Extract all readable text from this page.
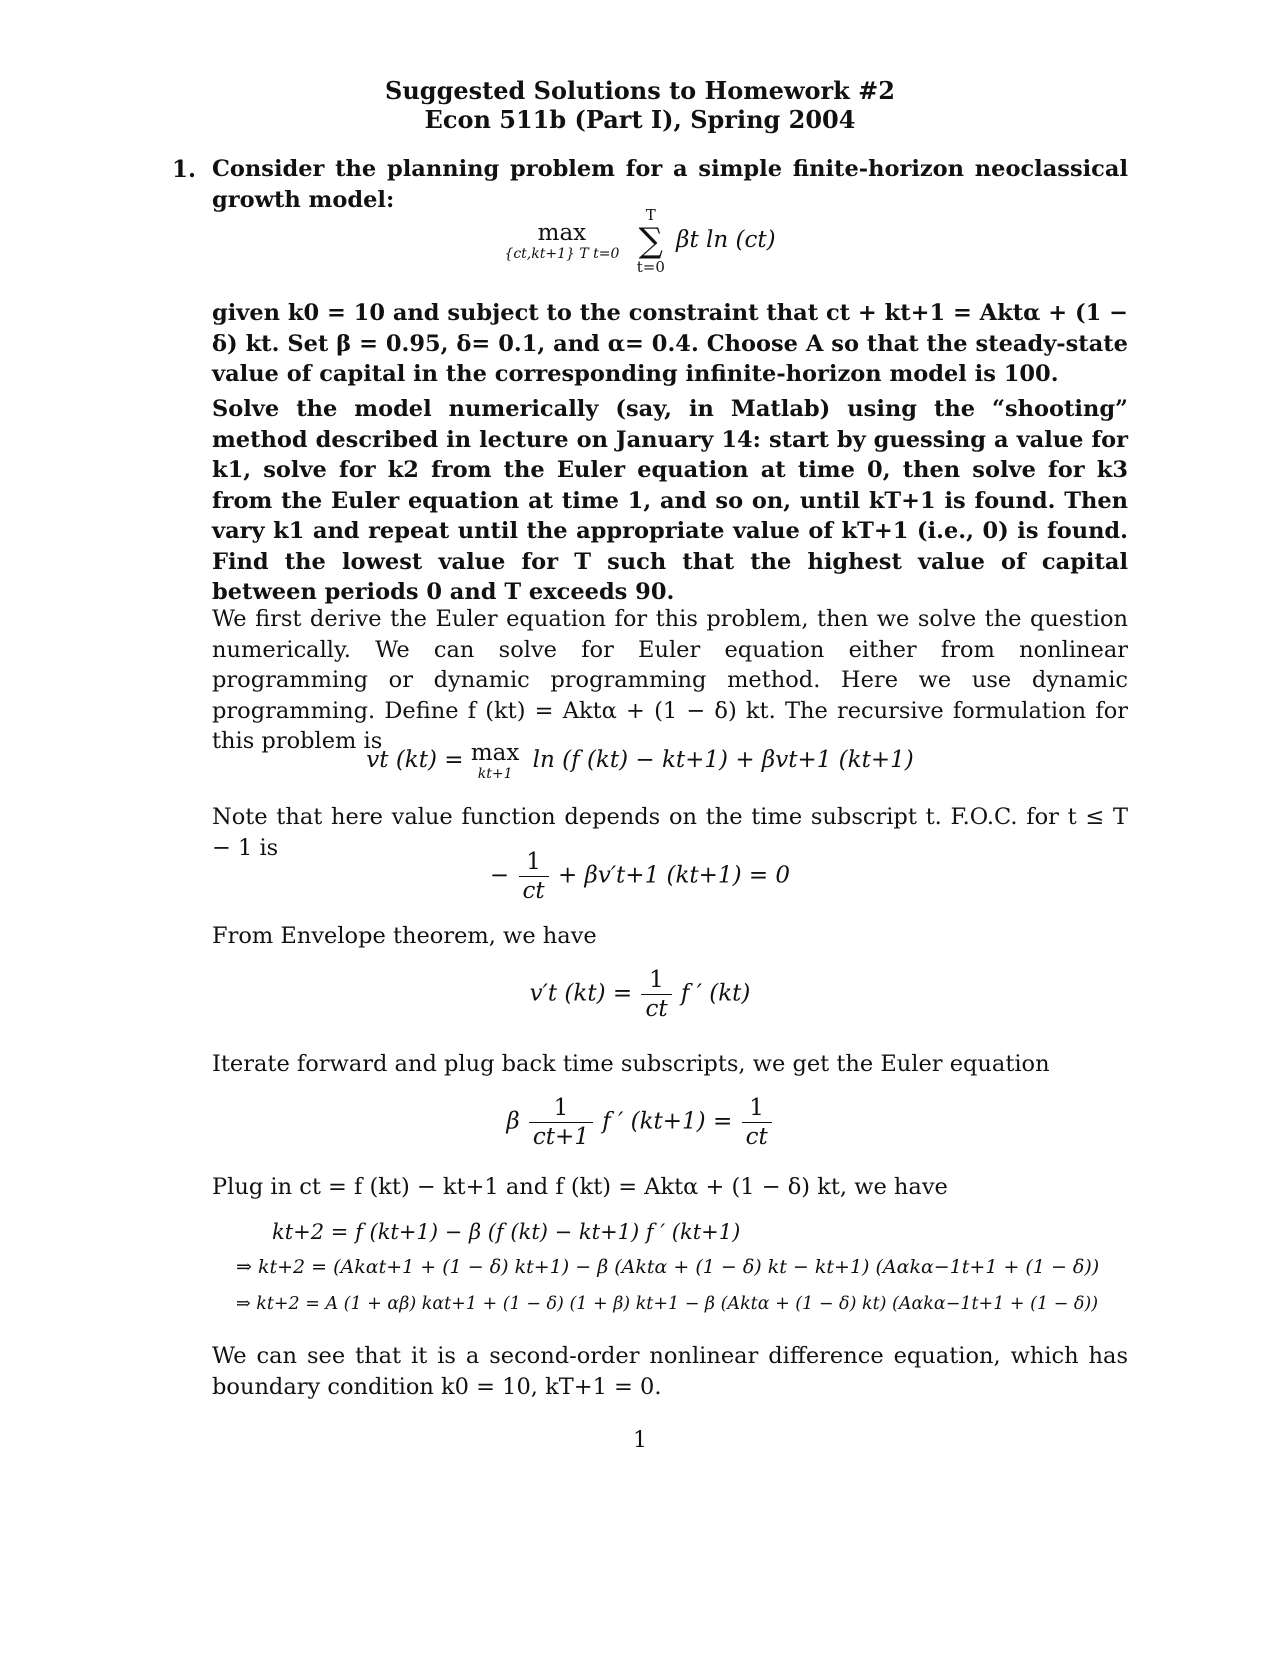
Suggested Solutions to Homework #2
Econ 511b (Part I), Spring 2004
1. Consider the planning problem for a simple finite-horizon neoclassical growth model:
max
{ct,kt+1} T t=0

T
∑
t=0
βt ln (ct)
given k0 = 10 and subject to the constraint that ct + kt+1 = Aktα + (1 − δ) kt. Set β = 0.95, δ= 0.1, and α= 0.4. Choose A so that the steady-state value of capital in the corresponding infinite-horizon model is 100.
Solve the model numerically (say, in Matlab) using the “shooting” method described in lecture on January 14: start by guessing a value for k1, solve for k2 from the Euler equation at time 0, then solve for k3 from the Euler equation at time 1, and so on, until kT+1 is found. Then vary k1 and repeat until the appropriate value of kT+1 (i.e., 0) is found. Find the lowest value for T such that the highest value of capital between periods 0 and T exceeds 90.
We first derive the Euler equation for this problem, then we solve the question numerically. We can solve for Euler equation either from nonlinear programming or dynamic programming method. Here we use dynamic programming. Define f (kt) = Aktα + (1 − δ) kt. The recursive formulation for this problem is
vt (kt) = max
kt+1
ln (f (kt) − kt+1) + βvt+1 (kt+1)
Note that here value function depends on the time subscript t. F.O.C. for t ≤ T − 1 is
− $\frac{1}{ct} + \beta v't+1$ (kt+1) = 0
From Envelope theorem, we have
v′t $(kt) = \frac{1}{ct}$ f ′ (kt)
Iterate forward and plug back time subscripts, we get the Euler equation
β $\frac{1}{ct+1}$ f ′ $(kt+1) = \frac{1}{ct}$
Plug in ct = f (kt) − kt+1 and f (kt) = Aktα + (1 − δ) kt, we have
kt+2 = f (kt+1) − β (f (kt) − kt+1) f ′ (kt+1)
⇒ kt+2 = (Akαt+1 + (1 − δ) kt+1) − β (Aktα + (1 − δ) kt − kt+1) (Aαkα−1t+1 + (1 − δ))
⇒ kt+2 = A (1 + αβ) kαt+1 + (1 − δ) (1 + β) kt+1 − β (Aktα + (1 − δ) kt) (Aαkα−1t+1 + (1 − δ))
We can see that it is a second-order nonlinear difference equation, which has boundary condition k0 = 10, kT+1 = 0.
1
